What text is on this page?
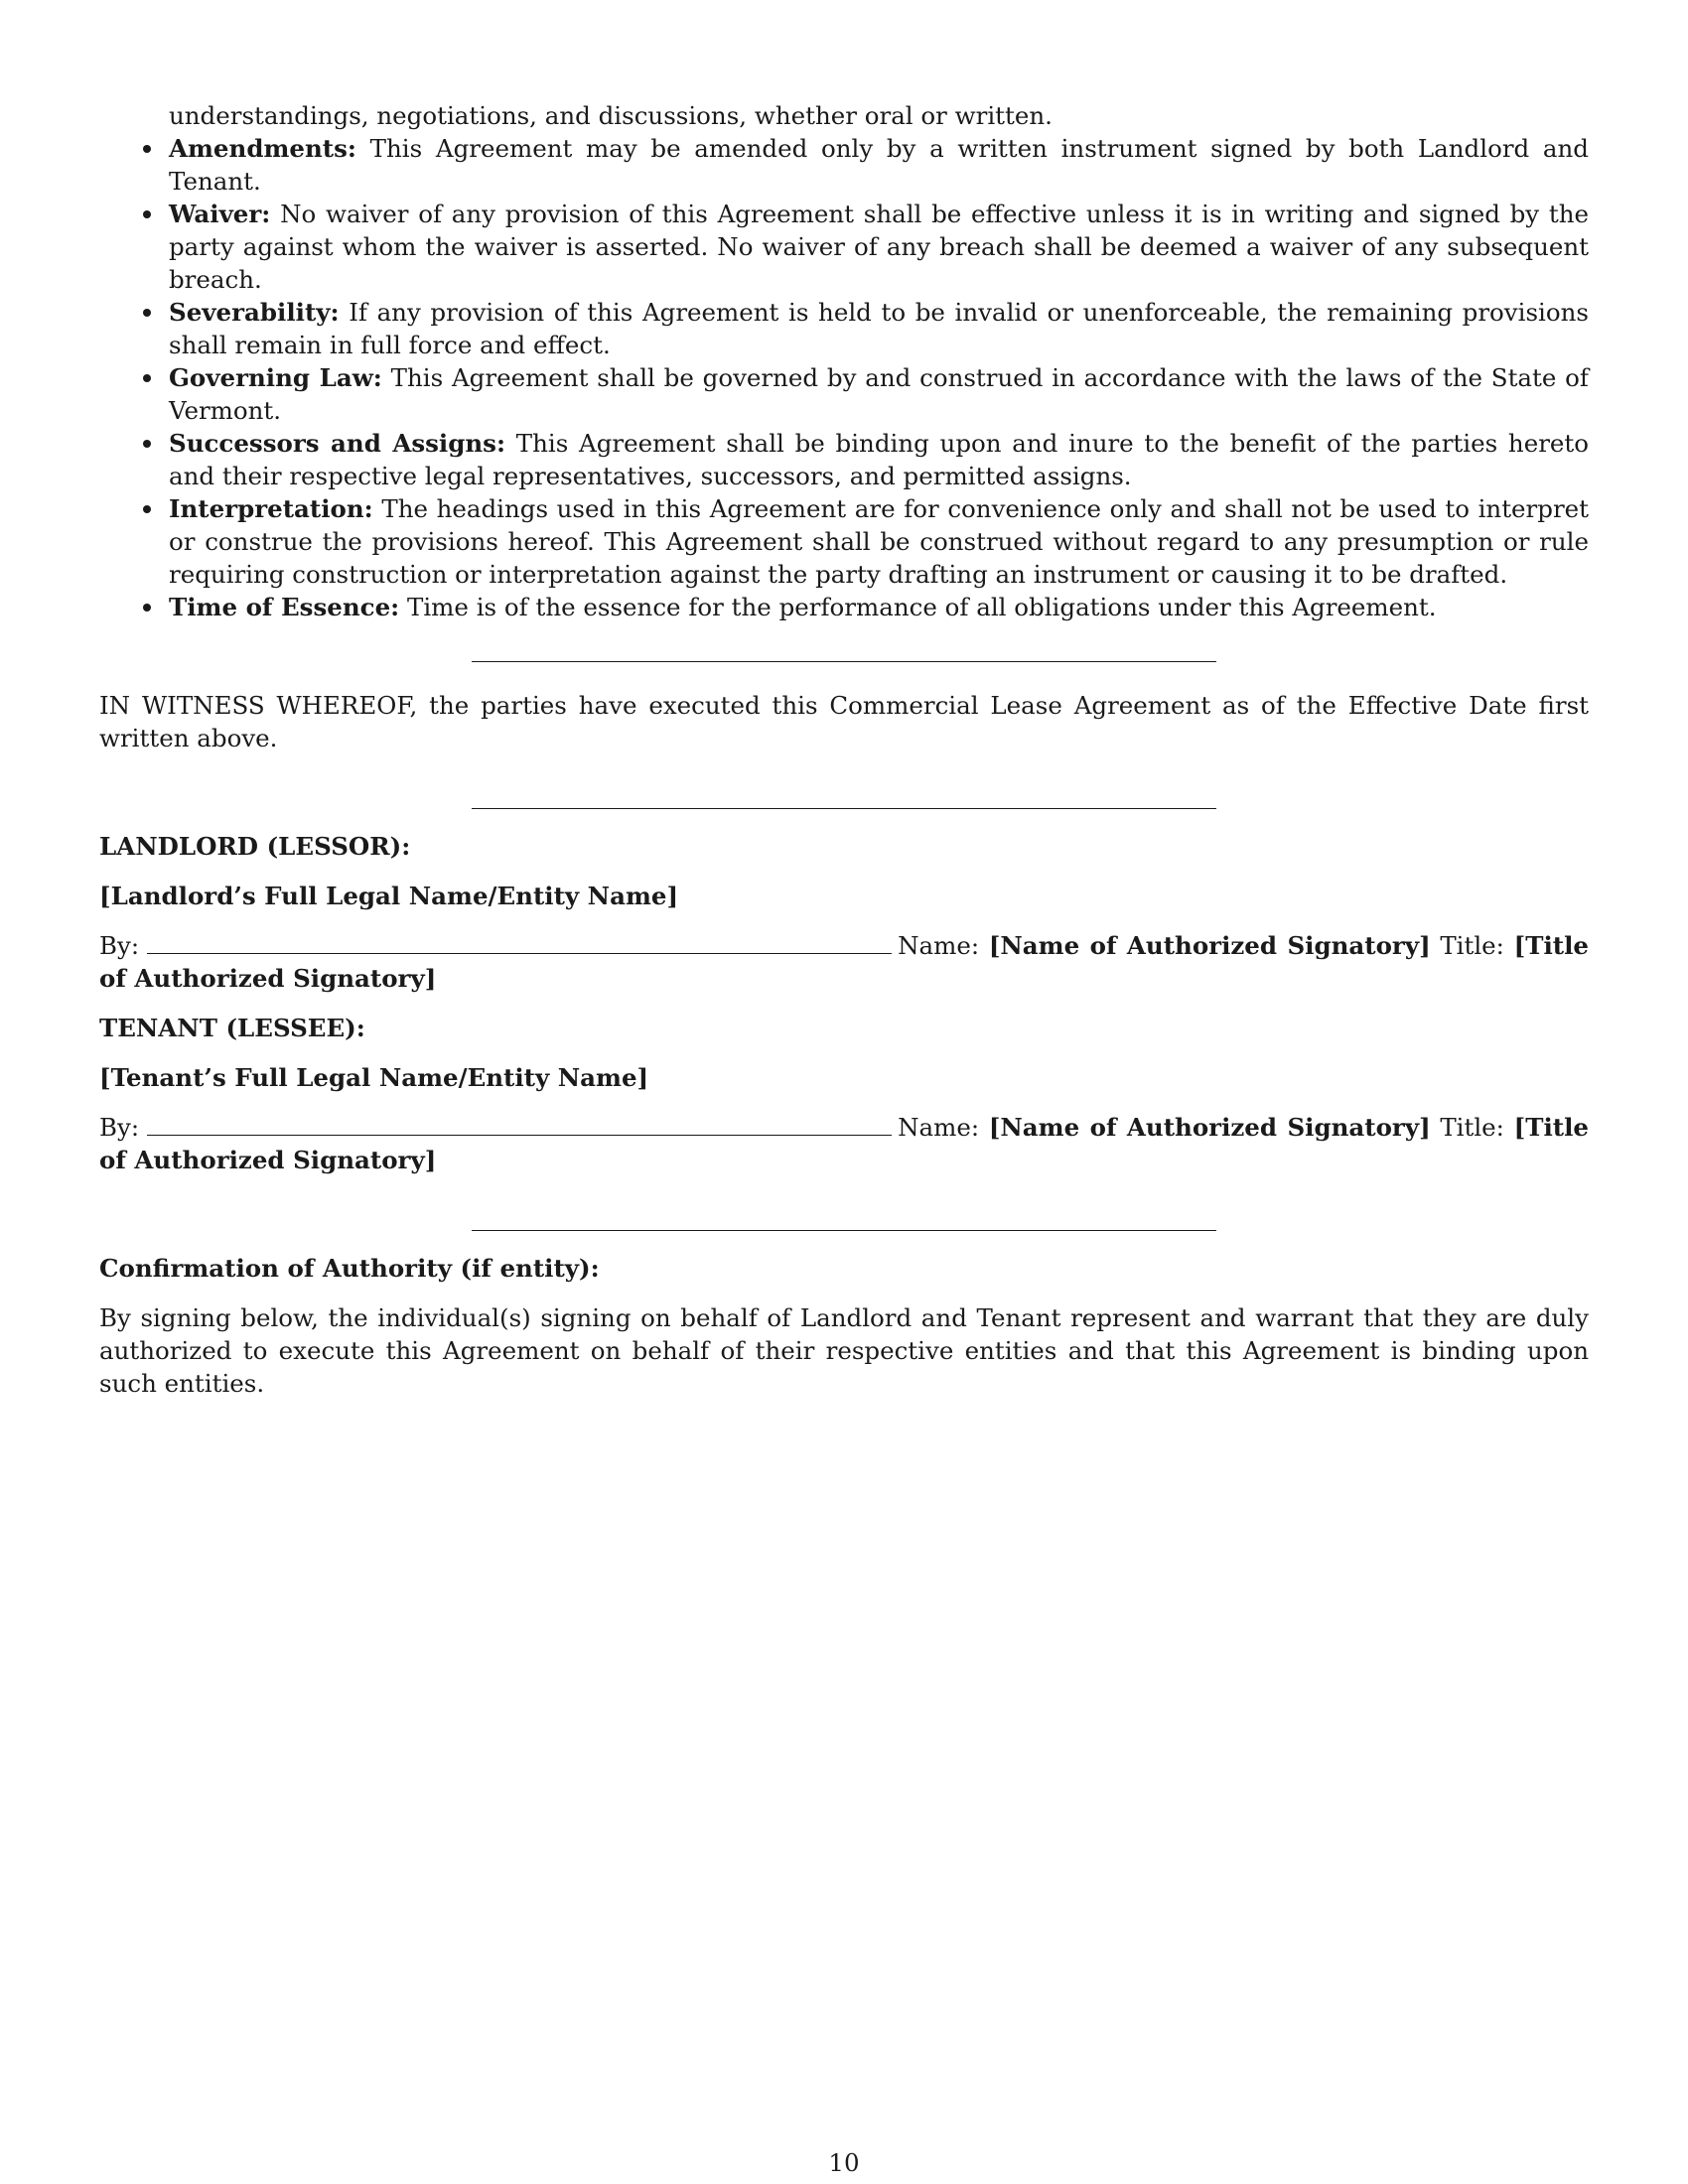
understandings, negotiations, and discussions, whether oral or written.

Amendments: This Agreement may be amended only by a written instrument signed by both Landlord and Tenant.
Waiver: No waiver of any provision of this Agreement shall be effective unless it is in writing and signed by the party against whom the waiver is asserted. No waiver of any breach shall be deemed a waiver of any subsequent breach.
Severability: If any provision of this Agreement is held to be invalid or unenforceable, the remaining provisions shall remain in full force and effect.
Governing Law: This Agreement shall be governed by and construed in accordance with the laws of the State of Vermont.
Successors and Assigns: This Agreement shall be binding upon and inure to the benefit of the parties hereto and their respective legal representatives, successors, and permitted assigns.
Interpretation: The headings used in this Agreement are for convenience only and shall not be used to interpret or construe the provisions hereof. This Agreement shall be construed without regard to any presumption or rule requiring construction or interpretation against the party drafting an instrument or causing it to be drafted.
Time of Essence: Time is of the essence for the performance of all obligations under this Agreement.

IN WITNESS WHEREOF, the parties have executed this Commercial Lease Agreement as of the Effective Date first written above.

LANDLORD (LESSOR):

[Landlord’s Full Legal Name/Entity Name]

By:	Name: [Name of Authorized Signatory] Title: [Title of Authorized Signatory]

TENANT (LESSEE):

[Tenant’s Full Legal Name/Entity Name]

By:	Name: [Name of Authorized Signatory] Title: [Title of Authorized Signatory]

Confirmation of Authority (if entity):

By signing below, the individual(s) signing on behalf of Landlord and Tenant represent and warrant that they are duly authorized to execute this Agreement on behalf of their respective entities and that this Agreement is binding upon such entities.

10
